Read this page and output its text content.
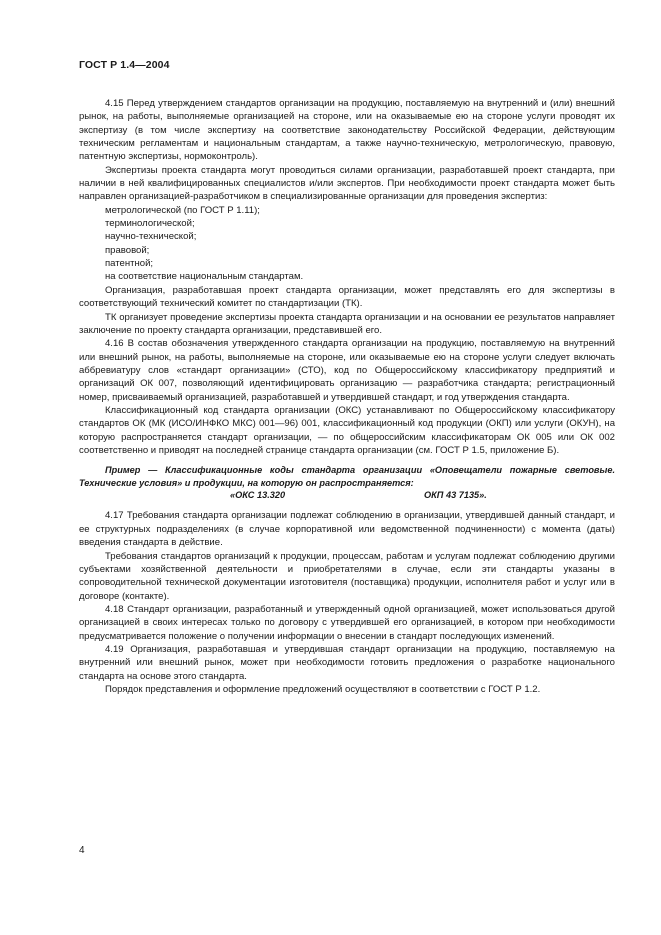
ГОСТ Р 1.4—2004

4.15 Перед утверждением стандартов организации на продукцию, поставляемую на внутренний и (или) внешний рынок, на работы, выполняемые организацией на стороне, или на оказываемые ею на стороне услуги проводят их экспертизу (в том числе экспертизу на соответствие законодательству Российской Федерации, действующим техническим регламентам и национальным стандартам, а также научно-техническую, метрологическую, правовую, патентную экспертизы, нормоконтроль).

Экспертизы проекта стандарта могут проводиться силами организации, разработавшей проект стандарта, при наличии в ней квалифицированных специалистов и/или экспертов. При необходимости проект стандарта может быть направлен организацией-разработчиком в специализированные организации для проведения экспертиз:

метрологической (по ГОСТ Р 1.11);

терминологической;

научно-технической;

правовой;

патентной;

на соответствие национальным стандартам.

Организация, разработавшая проект стандарта организации, может представлять его для экспертизы в соответствующий технический комитет по стандартизации (ТК).

ТК организует проведение экспертизы проекта стандарта организации и на основании ее результатов направляет заключение по проекту стандарта организации, представившей его.

4.16 В состав обозначения утвержденного стандарта организации на продукцию, поставляемую на внутренний или внешний рынок, на работы, выполняемые на стороне, или оказываемые ею на стороне услуги следует включать аббревиатуру слов «стандарт организации» (СТО), код по Общероссийскому классификатору предприятий и организаций ОК 007, позволяющий идентифицировать организацию — разработчика стандарта; регистрационный номер, присваиваемый организацией, разработавшей и утвердившей стандарт, и год утверждения стандарта.

Классификационный код стандарта организации (ОКС) устанавливают по Общероссийскому классификатору стандартов ОК (МК (ИСО/ИНФКО МКС) 001—96) 001, классификационный код продукции (ОКП) или услуги (ОКУН), на которую распространяется стандарт организации, — по общероссийским классификаторам ОК 005 или ОК 002 соответственно и приводят на последней странице стандарта организации (см. ГОСТ Р 1.5, приложение Б).

Пример — Классификационные коды стандарта организации «Оповещатели пожарные световые. Технические условия» и продукции, на которую он распространяется:

«ОКС 13.320	ОКП 43 7135».

4.17 Требования стандарта организации подлежат соблюдению в организации, утвердившей данный стандарт, и ее структурных подразделениях (в случае корпоративной или ведомственной подчиненности) с момента (даты) введения стандарта в действие.

Требования стандартов организаций к продукции, процессам, работам и услугам подлежат соблюдению другими субъектами хозяйственной деятельности и приобретателями в случае, если эти стандарты указаны в сопроводительной технической документации изготовителя (поставщика) продукции, исполнителя работ и услуг или в договоре (контакте).

4.18 Стандарт организации, разработанный и утвержденный одной организацией, может использоваться другой организацией в своих интересах только по договору с утвердившей его организацией, в котором при необходимости предусматривается положение о получении информации о внесении в стандарт последующих изменений.

4.19 Организация, разработавшая и утвердившая стандарт организации на продукцию, поставляемую на внутренний или внешний рынок, может при необходимости готовить предложения о разработке национального стандарта на основе этого стандарта.

Порядок представления и оформление предложений осуществляют в соответствии с ГОСТ Р 1.2.

4
